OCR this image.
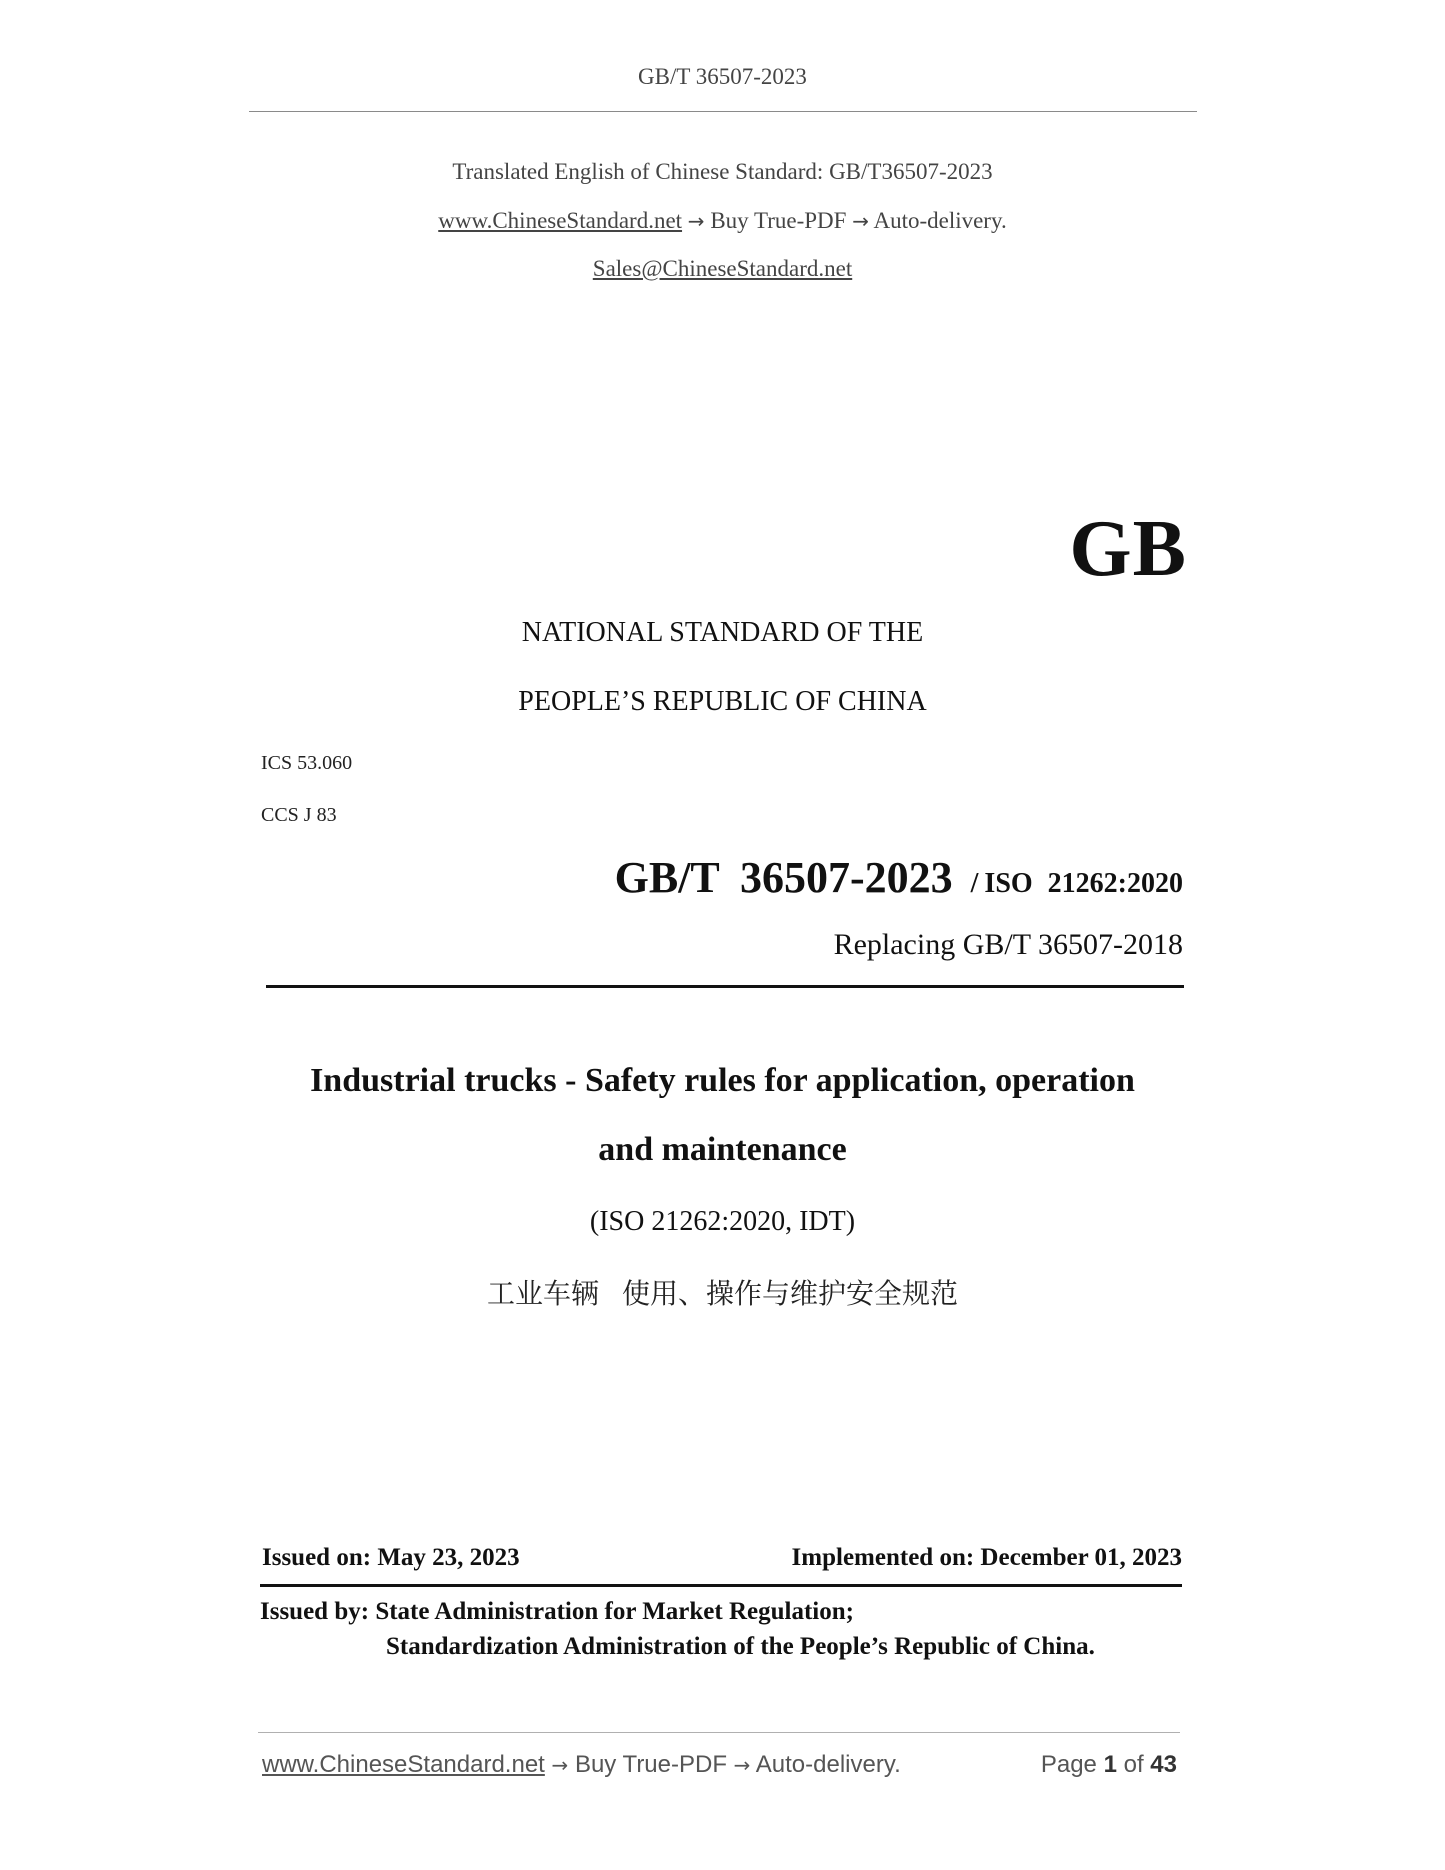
GB/T 36507-2023
Translated English of Chinese Standard: GB/T36507-2023
www.ChineseStandard.net → Buy True-PDF → Auto-delivery.
Sales@ChineseStandard.net
GB
NATIONAL STANDARD OF THE
PEOPLE’S REPUBLIC OF CHINA
ICS 53.060
CCS J 83
GB/T 36507-2023 / ISO 21262:2020
Replacing GB/T 36507-2018
Industrial trucks - Safety rules for application, operation
and maintenance
(ISO 21262:2020, IDT)
工业车辆 使用、操作与维护安全规范
Issued on: May 23, 2023	Implemented on: December 01, 2023
Issued by: State Administration for Market Regulation;
Standardization Administration of the People’s Republic of China.
www.ChineseStandard.net → Buy True-PDF → Auto-delivery.	Page 1 of 43
